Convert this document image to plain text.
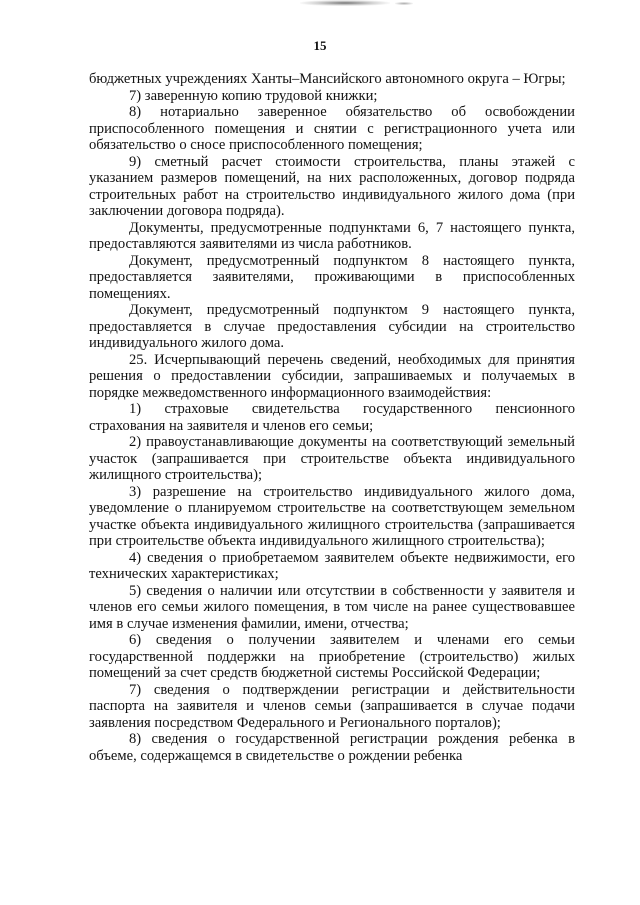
15

бюджетных учреждениях Ханты–Мансийского автономного округа – Югры;

7) заверенную копию трудовой книжки;

8) нотариально заверенное обязательство об освобождении приспособленного помещения и снятии с регистрационного учета или обязательство о сносе приспособленного помещения;

9) сметный расчет стоимости строительства, планы этажей с указанием размеров помещений, на них расположенных, договор подряда строительных работ на строительство индивидуального жилого дома (при заключении договора подряда).

Документы, предусмотренные подпунктами 6, 7 настоящего пункта, предоставляются заявителями из числа работников.

Документ, предусмотренный подпунктом 8 настоящего пункта, предоставляется заявителями, проживающими в приспособленных помещениях.

Документ, предусмотренный подпунктом 9 настоящего пункта, предоставляется в случае предоставления субсидии на строительство индивидуального жилого дома.

25. Исчерпывающий перечень сведений, необходимых для принятия решения о предоставлении субсидии, запрашиваемых и получаемых в порядке межведомственного информационного взаимодействия:

1) страховые свидетельства государственного пенсионного страхования на заявителя и членов его семьи;

2) правоустанавливающие документы на соответствующий земельный участок (запрашивается при строительстве объекта индивидуального жилищного строительства);

3) разрешение на строительство индивидуального жилого дома, уведомление о планируемом строительстве на соответствующем земельном участке объекта индивидуального жилищного строительства (запрашивается при строительстве объекта индивидуального жилищного строительства);

4) сведения о приобретаемом заявителем объекте недвижимости, его технических характеристиках;

5) сведения о наличии или отсутствии в собственности у заявителя и членов его семьи жилого помещения, в том числе на ранее существовавшее имя в случае изменения фамилии, имени, отчества;

6) сведения о получении заявителем и членами его семьи государственной поддержки на приобретение (строительство) жилых помещений за счет средств бюджетной системы Российской Федерации;

7) сведения о подтверждении регистрации и действительности паспорта на заявителя и членов семьи (запрашивается в случае подачи заявления посредством Федерального и Регионального порталов);

8) сведения о государственной регистрации рождения ребенка в объеме, содержащемся в свидетельстве о рождении ребенка
